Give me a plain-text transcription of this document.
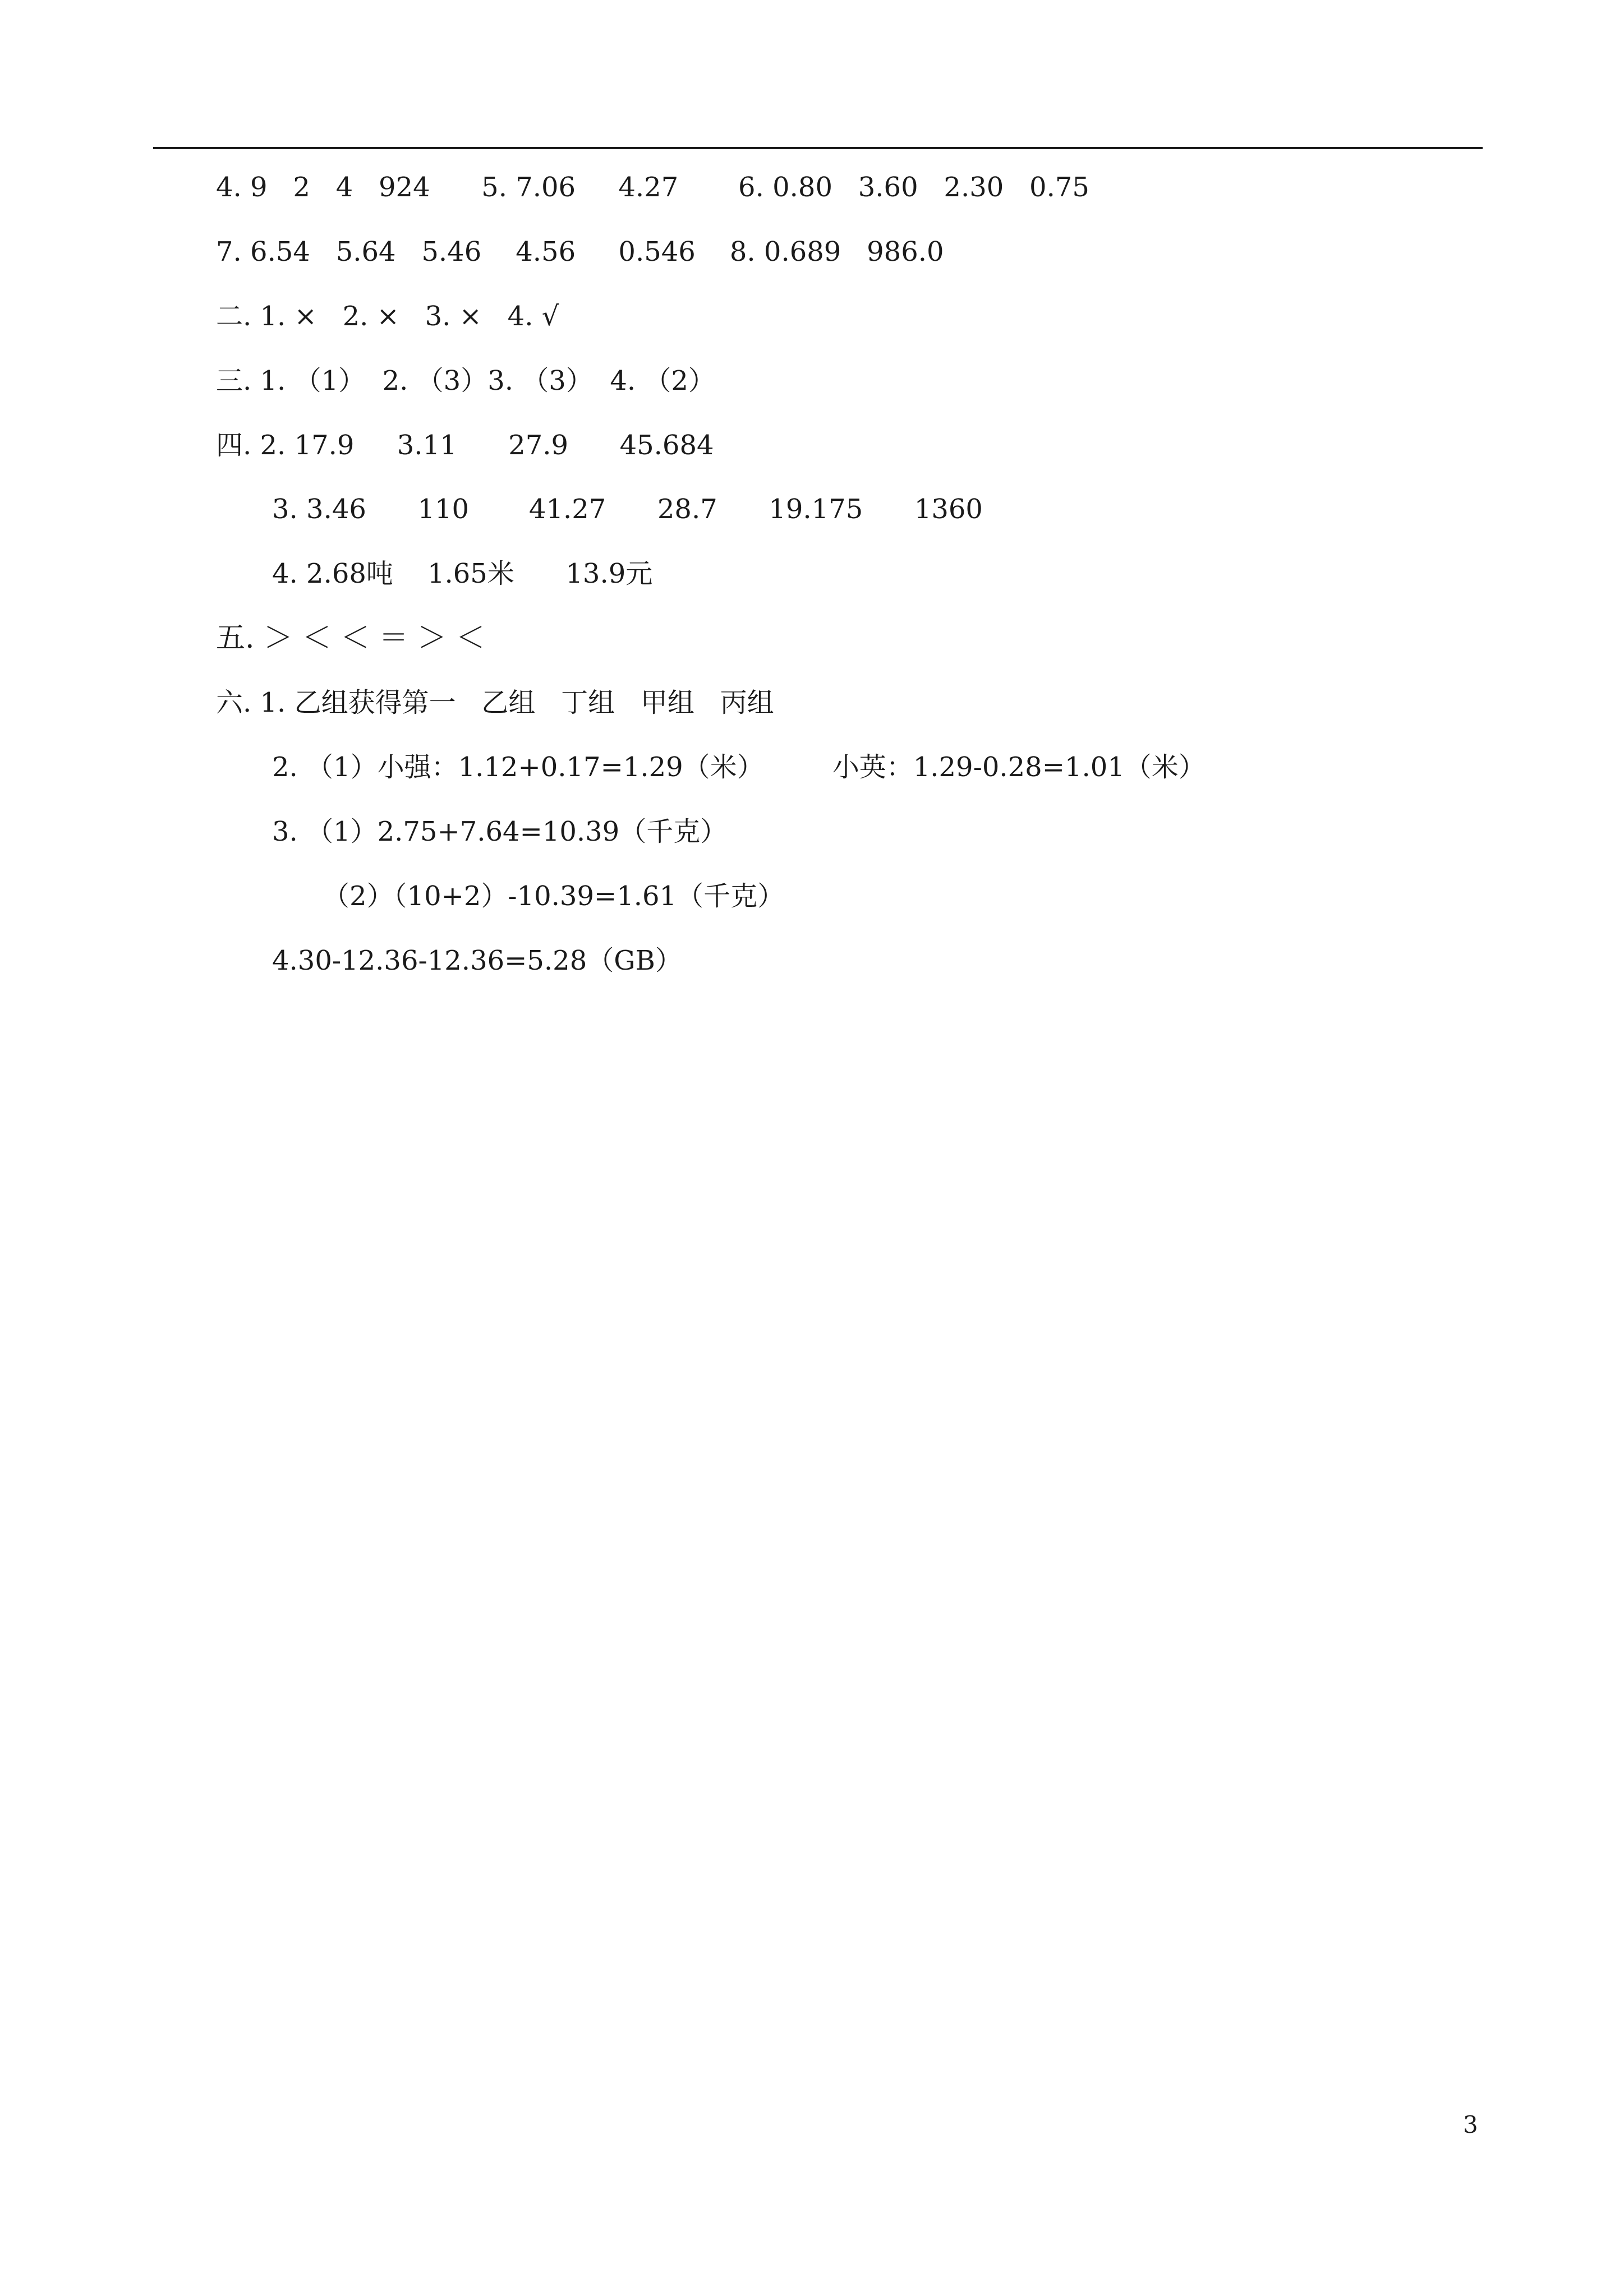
4. 9   2   4   924      5. 7.06     4.27       6. 0.80   3.60   2.30   0.75
7. 6.54   5.64   5.46    4.56     0.546    8. 0.689   986.0
二. 1. ×   2. ×   3. ×   4. √
三. 1. （1）  2. （3）3. （3）  4. （2）
四. 2. 17.9     3.11      27.9      45.684
3. 3.46      110       41.27      28.7      19.175      1360
4. 2.68吨    1.65米      13.9元
五. ＞ ＜ ＜ ＝ ＞ ＜
六. 1. 乙组获得第一   乙组   丁组   甲组   丙组
2. （1）小强：1.12+0.17=1.29（米）        小英：1.29-0.28=1.01（米）
3. （1）2.75+7.64=10.39（千克）
（2）（10+2）-10.39=1.61（千克）
4.30-12.36-12.36=5.28（GB）
3
